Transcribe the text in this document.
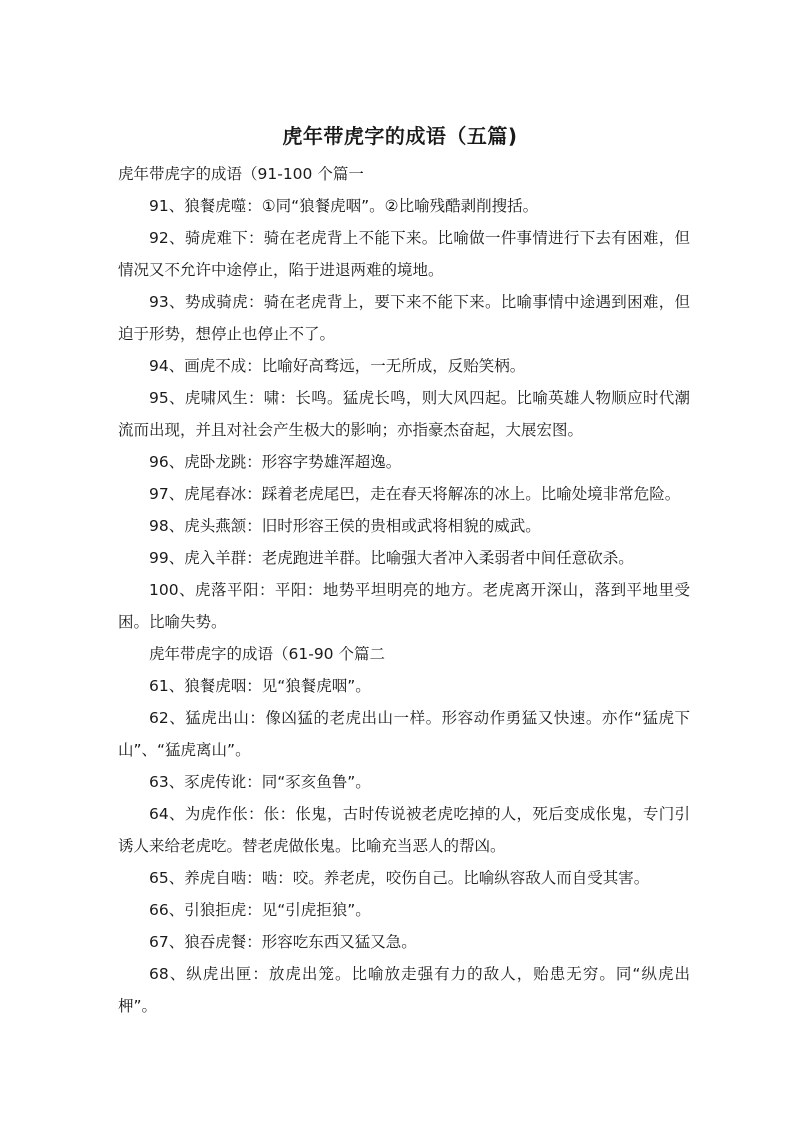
虎年带虎字的成语（五篇)
虎年带虎字的成语（91-100 个篇一

91、狼餐虎噬：①同“狼餐虎咽”。②比喻残酷剥削搜括。

92、骑虎难下：骑在老虎背上不能下来。比喻做一件事情进行下去有困难，但情况又不允许中途停止，陷于进退两难的境地。

93、势成骑虎：骑在老虎背上，要下来不能下来。比喻事情中途遇到困难，但迫于形势，想停止也停止不了。

94、画虎不成：比喻好高骛远，一无所成，反贻笑柄。

95、虎啸风生：啸：长鸣。猛虎长鸣，则大风四起。比喻英雄人物顺应时代潮流而出现，并且对社会产生极大的影响；亦指豪杰奋起，大展宏图。

96、虎卧龙跳：形容字势雄浑超逸。

97、虎尾春冰：踩着老虎尾巴，走在春天将解冻的冰上。比喻处境非常危险。

98、虎头燕颔：旧时形容王侯的贵相或武将相貌的威武。

99、虎入羊群：老虎跑进羊群。比喻强大者冲入柔弱者中间任意砍杀。

100、虎落平阳：平阳：地势平坦明亮的地方。老虎离开深山，落到平地里受困。比喻失势。

虎年带虎字的成语（61-90 个篇二

61、狼餐虎咽：见“狼餐虎咽”。

62、猛虎出山：像凶猛的老虎出山一样。形容动作勇猛又快速。亦作“猛虎下山”、“猛虎离山”。

63、豕虎传讹：同“豕亥鱼鲁”。

64、为虎作伥：伥：伥鬼，古时传说被老虎吃掉的人，死后变成伥鬼，专门引诱人来给老虎吃。替老虎做伥鬼。比喻充当恶人的帮凶。

65、养虎自啮：啮：咬。养老虎，咬伤自己。比喻纵容敌人而自受其害。

66、引狼拒虎：见“引虎拒狼”。

67、狼吞虎餐：形容吃东西又猛又急。

68、纵虎出匣：放虎出笼。比喻放走强有力的敌人，贻患无穷。同“纵虎出柙”。
